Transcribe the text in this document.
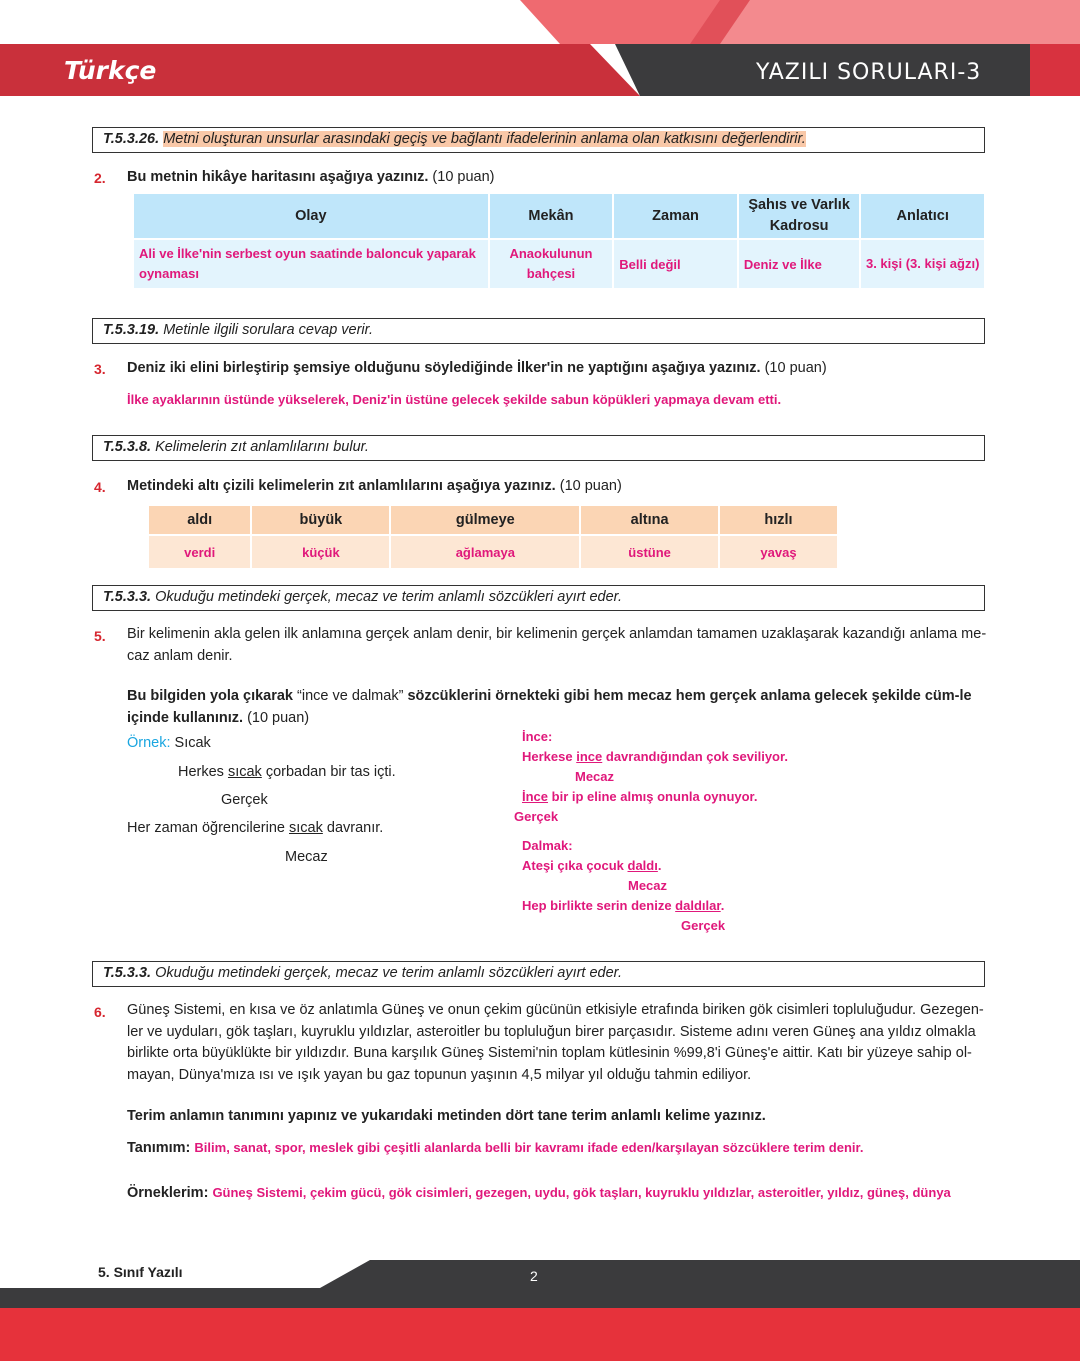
Türkçe	YAZILI SORULARI-3
T.5.3.26. Metni oluşturan unsurlar arasındaki geçiş ve bağlantı ifadelerinin anlama olan katkısını değerlendirir.
2. Bu metnin hikâye haritasını aşağıya yazınız. (10 puan)
Olay	Mekân	Zaman	Şahıs ve Varlık Kadrosu	Anlatıcı
Ali ve İlke'nin serbest oyun saatinde baloncuk yaparak oynaması	Anaokulunun bahçesi	Belli değil	Deniz ve İlke	3. kişi (3. kişi ağzı)
T.5.3.19. Metinle ilgili sorulara cevap verir.
3. Deniz iki elini birleştirip şemsiye olduğunu söylediğinde İlker'in ne yaptığını aşağıya yazınız. (10 puan)
İlke ayaklarının üstünde yükselerek, Deniz'in üstüne gelecek şekilde sabun köpükleri yapmaya devam etti.
T.5.3.8. Kelimelerin zıt anlamlılarını bulur.
4. Metindeki altı çizili kelimelerin zıt anlamlılarını aşağıya yazınız. (10 puan)
aldı	büyük	gülmeye	altına	hızlı
verdi	küçük	ağlamaya	üstüne	yavaş
T.5.3.3. Okuduğu metindeki gerçek, mecaz ve terim anlamlı sözcükleri ayırt eder.
5. Bir kelimenin akla gelen ilk anlamına gerçek anlam denir, bir kelimenin gerçek anlamdan tamamen uzaklaşarak kazandığı anlama me-caz anlam denir.
Bu bilgiden yola çıkarak “ince ve dalmak” sözcüklerini örnekteki gibi hem mecaz hem gerçek anlama gelecek şekilde cüm-le içinde kullanınız. (10 puan)
Örnek: Sıcak
Herkes sıcak çorbadan bir tas içti.
Gerçek
Her zaman öğrencilerine sıcak davranır.
Mecaz
İnce:
Herkese ince davrandığından çok seviliyor.
Mecaz
İnce bir ip eline almış onunla oynuyor.
Gerçek
Dalmak:
Ateşi çıka çocuk daldı.
Mecaz
Hep birlikte serin denize daldılar.
Gerçek
T.5.3.3. Okuduğu metindeki gerçek, mecaz ve terim anlamlı sözcükleri ayırt eder.
6. Güneş Sistemi, en kısa ve öz anlatımla Güneş ve onun çekim gücünün etkisiyle etrafında biriken gök cisimleri topluluğudur. Gezegen-ler ve uyduları, gök taşları, kuyruklu yıldızlar, asteroitler bu topluluğun birer parçasıdır. Sisteme adını veren Güneş ana yıldız olmakla birlikte orta büyüklükte bir yıldızdır. Buna karşılık Güneş Sistemi'nin toplam kütlesinin %99,8'i Güneş'e aittir. Katı bir yüzeye sahip ol-mayan, Dünya'mıza ısı ve ışık yayan bu gaz topunun yaşının 4,5 milyar yıl olduğu tahmin ediliyor.
Terim anlamın tanımını yapınız ve yukarıdaki metinden dört tane terim anlamlı kelime yazınız.
Tanımım: Bilim, sanat, spor, meslek gibi çeşitli alanlarda belli bir kavramı ifade eden/karşılayan sözcüklere terim denir.
Örneklerim: Güneş Sistemi, çekim gücü, gök cisimleri, gezegen, uydu, gök taşları, kuyruklu yıldızlar, asteroitler, yıldız, güneş, dünya
5. Sınıf Yazılı	2
